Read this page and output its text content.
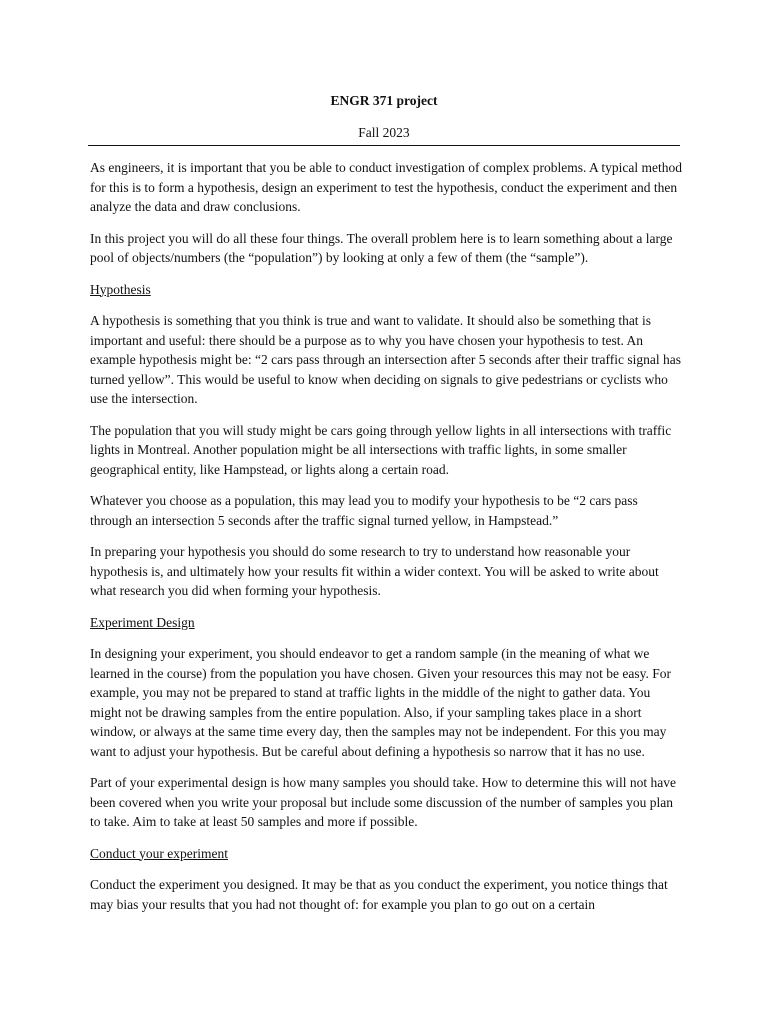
ENGR 371 project
Fall 2023

As engineers, it is important that you be able to conduct investigation of complex problems. A typical method for this is to form a hypothesis, design an experiment to test the hypothesis, conduct the experiment and then analyze the data and draw conclusions.

In this project you will do all these four things. The overall problem here is to learn something about a large pool of objects/numbers (the “population”) by looking at only a few of them (the “sample”).

Hypothesis

A hypothesis is something that you think is true and want to validate. It should also be something that is important and useful: there should be a purpose as to why you have chosen your hypothesis to test. An example hypothesis might be: “2 cars pass through an intersection after 5 seconds after their traffic signal has turned yellow”. This would be useful to know when deciding on signals to give pedestrians or cyclists who use the intersection.

The population that you will study might be cars going through yellow lights in all intersections with traffic lights in Montreal. Another population might be all intersections with traffic lights, in some smaller geographical entity, like Hampstead, or lights along a certain road.

Whatever you choose as a population, this may lead you to modify your hypothesis to be “2 cars pass through an intersection 5 seconds after the traffic signal turned yellow, in Hampstead.”

In preparing your hypothesis you should do some research to try to understand how reasonable your hypothesis is, and ultimately how your results fit within a wider context. You will be asked to write about what research you did when forming your hypothesis.

Experiment Design

In designing your experiment, you should endeavor to get a random sample (in the meaning of what we learned in the course) from the population you have chosen. Given your resources this may not be easy. For example, you may not be prepared to stand at traffic lights in the middle of the night to gather data. You might not be drawing samples from the entire population. Also, if your sampling takes place in a short window, or always at the same time every day, then the samples may not be independent. For this you may want to adjust your hypothesis. But be careful about defining a hypothesis so narrow that it has no use.

Part of your experimental design is how many samples you should take. How to determine this will not have been covered when you write your proposal but include some discussion of the number of samples you plan to take. Aim to take at least 50 samples and more if possible.

Conduct your experiment

Conduct the experiment you designed. It may be that as you conduct the experiment, you notice things that may bias your results that you had not thought of: for example you plan to go out on a certain
